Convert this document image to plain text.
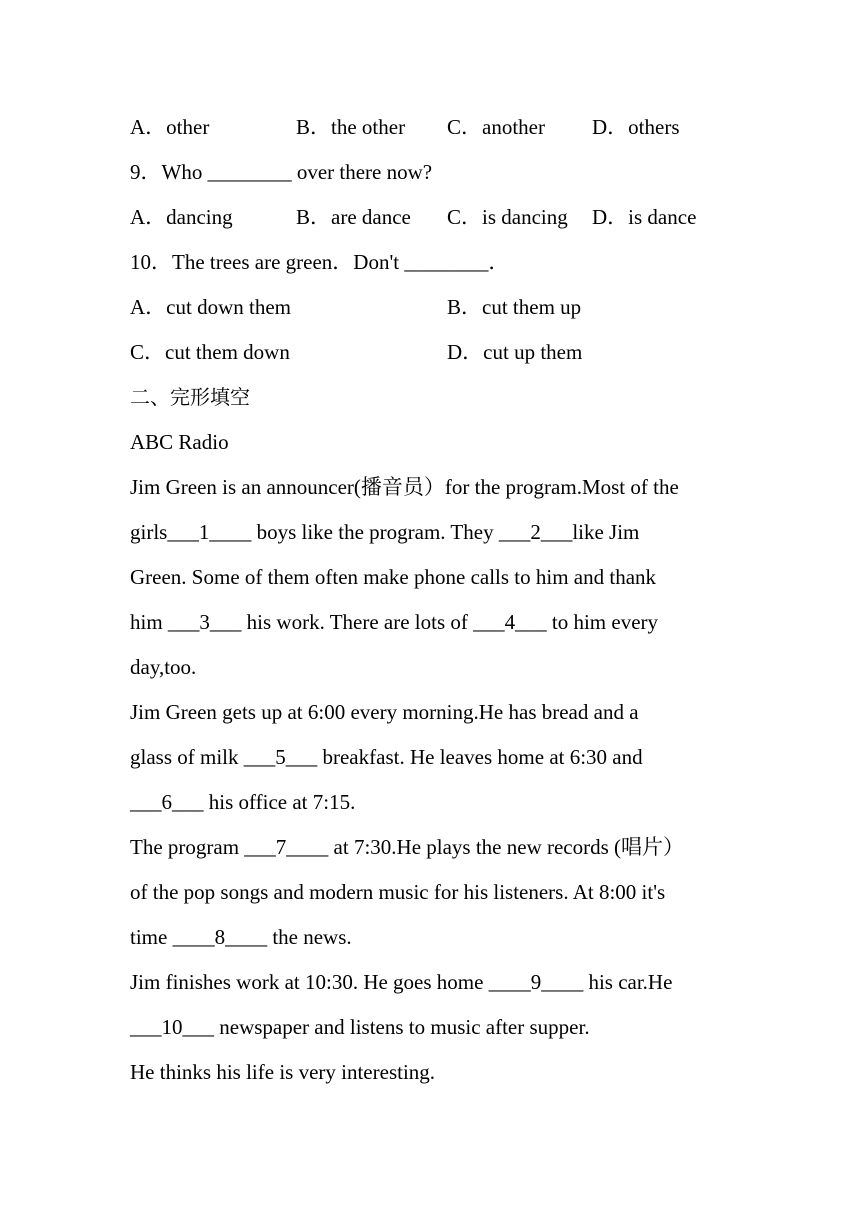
A．other	B．the other C．another D．others
9．Who ________ over there now?
A．dancing	B．are dance C．is dancing D．is dance
10．The trees are green．Don't ________．
A．cut down them	B．cut them up
C．cut them down	D．cut up them
二、完形填空
ABC Radio
Jim Green is an announcer(播音员）for the program.Most of the
girls___1____ boys like the program. They ___2___like Jim
Green. Some of them often make phone calls to him and thank
him ___3___ his work. There are lots of ___4___ to him every
day,too.
Jim Green gets up at 6:00 every morning.He has bread and a
glass of milk ___5___ breakfast. He leaves home at 6:30 and
___6___ his office at 7:15.
The program ___7____ at 7:30.He plays the new records (唱片）
of the pop songs and modern music for his listeners. At 8:00 it's
time ____8____ the news.
Jim finishes work at 10:30. He goes home ____9____ his car.He
___10___ newspaper and listens to music after supper.
He thinks his life is very interesting.
